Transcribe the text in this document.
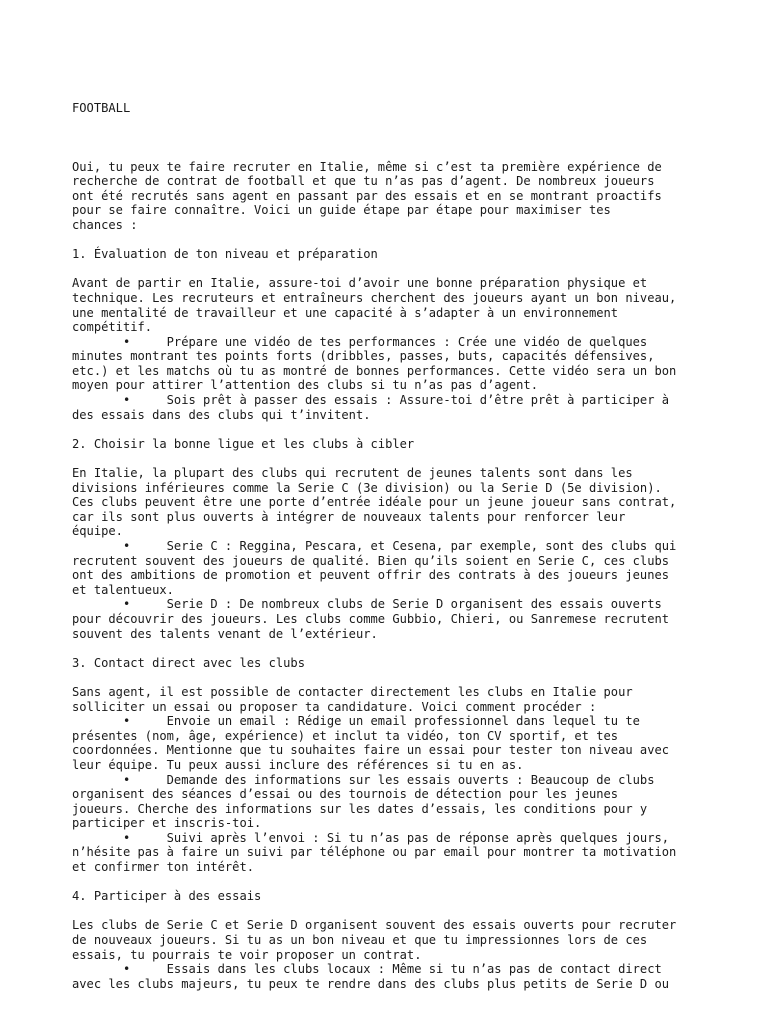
FOOTBALL

Oui, tu peux te faire recruter en Italie, même si c’est ta première expérience de
recherche de contrat de football et que tu n’as pas d’agent. De nombreux joueurs
ont été recrutés sans agent en passant par des essais et en se montrant proactifs
pour se faire connaître. Voici un guide étape par étape pour maximiser tes
chances :
1. Évaluation de ton niveau et préparation
Avant de partir en Italie, assure-toi d’avoir une bonne préparation physique et
technique. Les recruteurs et entraîneurs cherchent des joueurs ayant un bon niveau,
une mentalité de travailleur et une capacité à s’adapter à un environnement
compétitif.
•     Prépare une vidéo de tes performances : Crée une vidéo de quelques
minutes montrant tes points forts (dribbles, passes, buts, capacités défensives,
etc.) et les matchs où tu as montré de bonnes performances. Cette vidéo sera un bon
moyen pour attirer l’attention des clubs si tu n’as pas d’agent.
•     Sois prêt à passer des essais : Assure-toi d’être prêt à participer à
des essais dans des clubs qui t’invitent.
2. Choisir la bonne ligue et les clubs à cibler
En Italie, la plupart des clubs qui recrutent de jeunes talents sont dans les
divisions inférieures comme la Serie C (3e division) ou la Serie D (5e division).
Ces clubs peuvent être une porte d’entrée idéale pour un jeune joueur sans contrat,
car ils sont plus ouverts à intégrer de nouveaux talents pour renforcer leur
équipe.
•     Serie C : Reggina, Pescara, et Cesena, par exemple, sont des clubs qui
recrutent souvent des joueurs de qualité. Bien qu’ils soient en Serie C, ces clubs
ont des ambitions de promotion et peuvent offrir des contrats à des joueurs jeunes
et talentueux.
•     Serie D : De nombreux clubs de Serie D organisent des essais ouverts
pour découvrir des joueurs. Les clubs comme Gubbio, Chieri, ou Sanremese recrutent
souvent des talents venant de l’extérieur.
3. Contact direct avec les clubs
Sans agent, il est possible de contacter directement les clubs en Italie pour
solliciter un essai ou proposer ta candidature. Voici comment procéder :
•     Envoie un email : Rédige un email professionnel dans lequel tu te
présentes (nom, âge, expérience) et inclut ta vidéo, ton CV sportif, et tes
coordonnées. Mentionne que tu souhaites faire un essai pour tester ton niveau avec
leur équipe. Tu peux aussi inclure des références si tu en as.
•     Demande des informations sur les essais ouverts : Beaucoup de clubs
organisent des séances d’essai ou des tournois de détection pour les jeunes
joueurs. Cherche des informations sur les dates d’essais, les conditions pour y
participer et inscris-toi.
•     Suivi après l’envoi : Si tu n’as pas de réponse après quelques jours,
n’hésite pas à faire un suivi par téléphone ou par email pour montrer ta motivation
et confirmer ton intérêt.
4. Participer à des essais
Les clubs de Serie C et Serie D organisent souvent des essais ouverts pour recruter
de nouveaux joueurs. Si tu as un bon niveau et que tu impressionnes lors de ces
essais, tu pourrais te voir proposer un contrat.
•     Essais dans les clubs locaux : Même si tu n’as pas de contact direct
avec les clubs majeurs, tu peux te rendre dans des clubs plus petits de Serie D ou
